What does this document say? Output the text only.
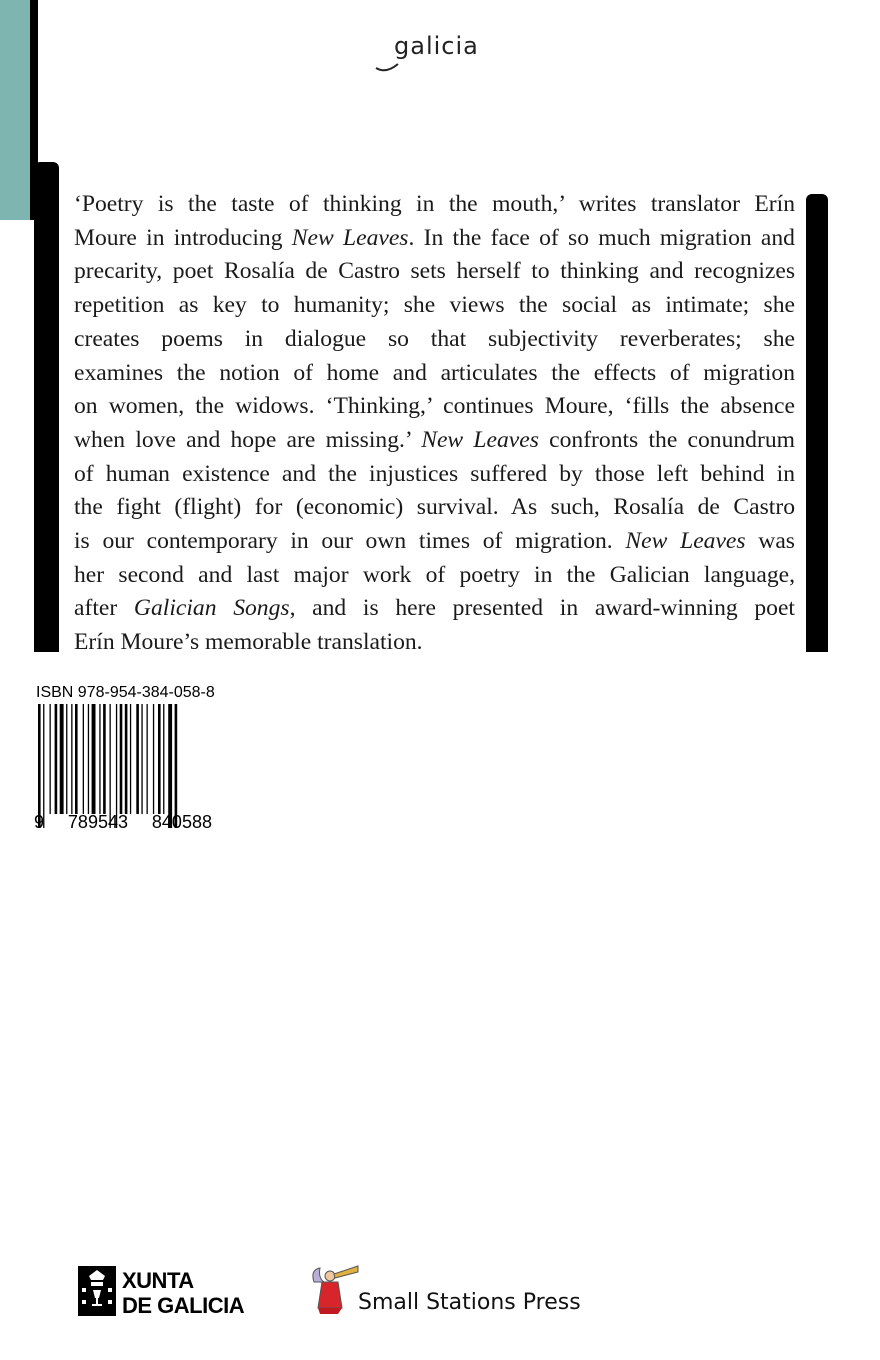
galicia
‘Poetry is the taste of thinking in the mouth,’ writes translator Erín
Moure in introducing New Leaves. In the face of so much migration and
precarity, poet Rosalía de Castro sets herself to thinking and recognizes
repetition as key to humanity; she views the social as intimate; she
creates poems in dialogue so that subjectivity reverberates; she
examines the notion of home and articulates the effects of migration
on women, the widows. ‘Thinking,’ continues Moure, ‘fills the absence
when love and hope are missing.’ New Leaves confronts the conundrum
of human existence and the injustices suffered by those left behind in
the fight (flight) for (economic) survival. As such, Rosalía de Castro
is our contemporary in our own times of migration. New Leaves was
her second and last major work of poetry in the Galician language,
after Galician Songs, and is here presented in award-winning poet
Erín Moure’s memorable translation.
ISBN 978-954-384-058-8
9 789543 840588
XUNTA
DE GALICIA	Small Stations Press
